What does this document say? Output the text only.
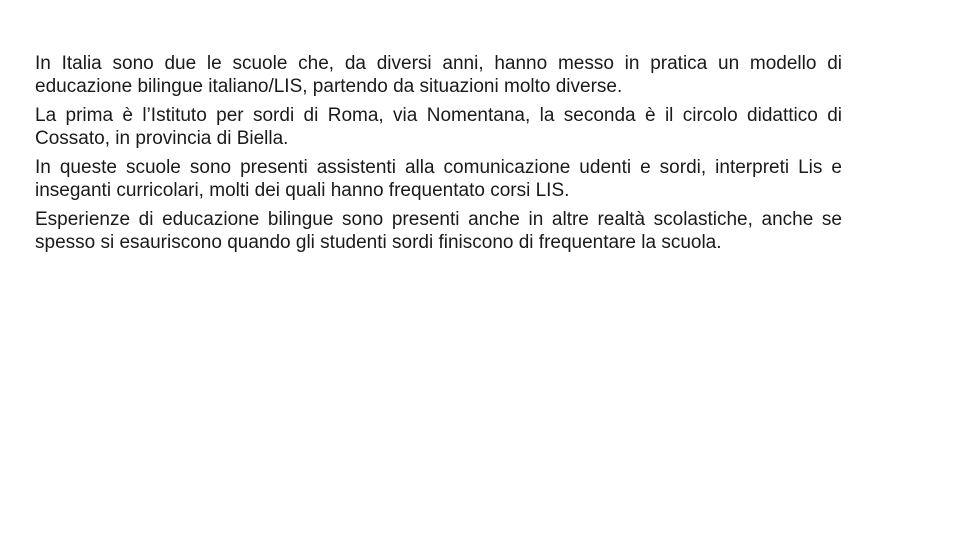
In Italia sono due le scuole che, da diversi anni, hanno messo in pratica un modello di educazione bilingue italiano/LIS, partendo da situazioni molto diverse.

La prima è l’Istituto per sordi di Roma, via Nomentana, la seconda è il circolo didattico di Cossato, in provincia di Biella.

In queste scuole sono presenti assistenti alla comunicazione udenti e sordi, interpreti Lis e inseganti curricolari, molti dei quali hanno frequentato corsi LIS.

Esperienze di educazione bilingue sono presenti anche in altre realtà scolastiche, anche se spesso si esauriscono quando gli studenti sordi finiscono di frequentare la scuola.
